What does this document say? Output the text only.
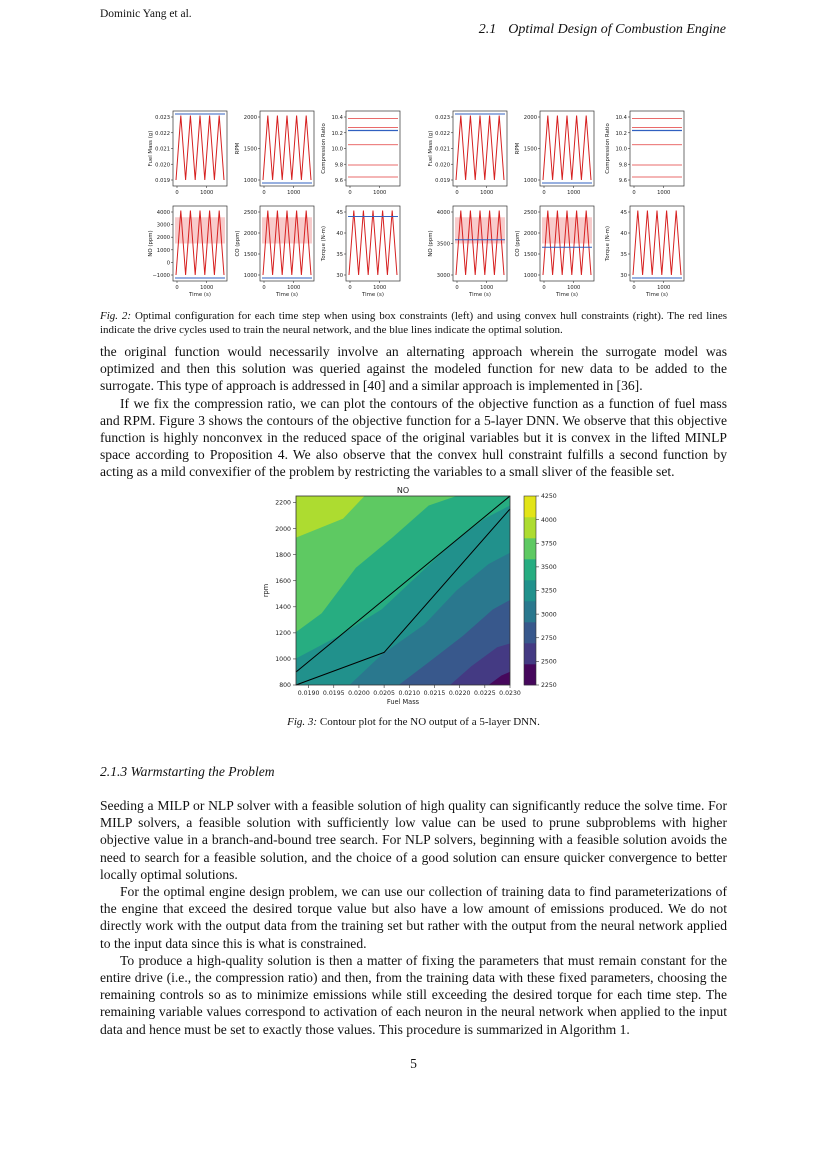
Dominic Yang et al.
2.1 Optimal Design of Combustion Engine
0.023
0.022
0.021
0.020
0.019
0	1000
Fuel Mass (g)
2000
1500
1000
0	1000
RPM
10.4
10.2
10.0
9.8
9.6
0	1000
Compression Ratio
0.023
0.022
0.021
0.020
0.019
0	1000
Fuel Mass (g)
2000
1500
1000
0	1000
RPM
10.4
10.2
10.0
9.8
9.6
0	1000
Compression Ratio
4000
3000
2000
1000
0
−1000
0	1000
Time (s)
NO (ppm)
2500
2000
1500
1000
0	1000
Time (s)
CO (ppm)
45
40
35
30
0	1000
Time (s)
Torque (N-m)
4000
3500
3000
0	1000
Time (s)
NO (ppm)
2500
2000
1500
1000
0	1000
Time (s)
CO (ppm)
45
40
35
30
0	1000
Time (s)
Torque (N-m)
Fig. 2: Optimal configuration for each time step when using box constraints (left) and using convex hull constraints (right). The red lines indicate the drive cycles used to train the neural network, and the blue lines indicate the optimal solution.

the original function would necessarily involve an alternating approach wherein the surrogate model was optimized and then this solution was queried against the modeled function for new data to be added to the surrogate. This type of approach is addressed in [40] and a similar approach is implemented in [36].

If we fix the compression ratio, we can plot the contours of the objective function as a function of fuel mass and RPM. Figure 3 shows the contours of the objective function for a 5-layer DNN. We observe that this objective function is highly nonconvex in the reduced space of the original variables but it is convex in the lifted MINLP space according to Proposition 4. We also observe that the convex hull constraint fulfills a second function by acting as a mild convexifier of the problem by restricting the variables to a small sliver of the feasible set.

NO
0.0190 0.0195 0.0200 0.0205 0.0210 0.0215 0.0220 0.0225 0.0230
Fuel Mass
800
1000
1200
1400
1600
1800
2000
2200
rpm
4250
4000
3750
3500
3250
3000
2750
2500
2250
Fig. 3: Contour plot for the NO output of a 5-layer DNN.
2.1.3 Warmstarting the Problem

Seeding a MILP or NLP solver with a feasible solution of high quality can significantly reduce the solve time. For MILP solvers, a feasible solution with sufficiently low value can be used to prune subproblems with higher objective value in a branch-and-bound tree search. For NLP solvers, beginning with a feasible solution avoids the need to search for a feasible solution, and the choice of a good solution can ensure quicker convergence to better locally optimal solutions.

For the optimal engine design problem, we can use our collection of training data to find parameterizations of the engine that exceed the desired torque value but also have a low amount of emissions produced. We do not directly work with the output data from the training set but rather with the output from the neural network applied to the input data since this is what is constrained.

To produce a high-quality solution is then a matter of fixing the parameters that must remain constant for the entire drive (i.e., the compression ratio) and then, from the training data with these fixed parameters, choosing the remaining controls so as to minimize emissions while still exceeding the desired torque for each time step. The remaining variable values correspond to activation of each neuron in the neural network when applied to the input data and hence must be set to exactly those values. This procedure is summarized in Algorithm 1.

5
